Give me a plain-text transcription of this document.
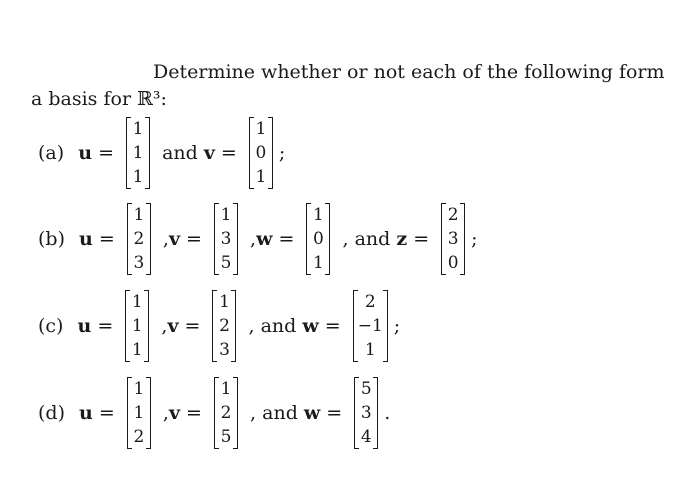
Determine whether or not each of the following form
a basis for ℝ³:
(a)
u =
1
1
1
and v =
1
0
1
;
(b)
u =
1
2
3
, v =
1
3
5
, w =
1
0
1
, and z =
2
3
0
;
(c)
u =
1
1
1
, v =
1
2
3
, and w =
2
−1
1
;
(d)
u =
1
1
2
, v =
1
2
5
, and w =
5
3
4
.
